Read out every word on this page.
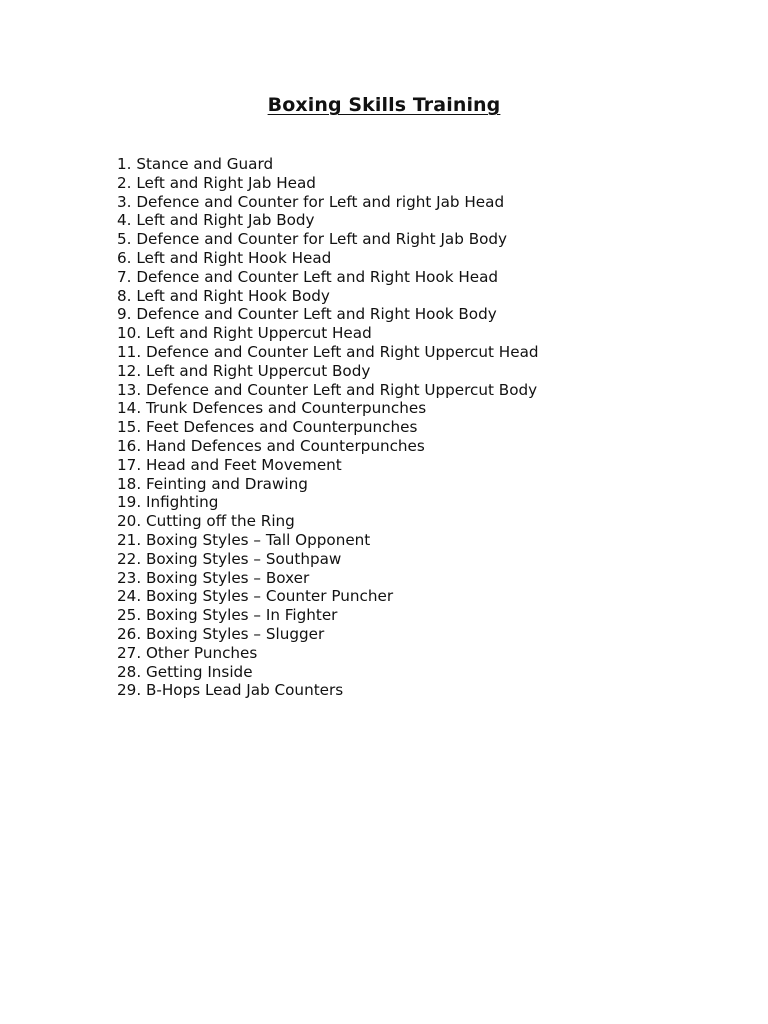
Boxing Skills Training
1. Stance and Guard
2. Left and Right Jab Head
3. Defence and Counter for Left and right Jab Head
4. Left and Right Jab Body
5. Defence and Counter for Left and Right Jab Body
6. Left and Right Hook Head
7. Defence and Counter Left and Right Hook Head
8. Left and Right Hook Body
9. Defence and Counter Left and Right Hook Body
10. Left and Right Uppercut Head
11. Defence and Counter Left and Right Uppercut Head
12. Left and Right Uppercut Body
13. Defence and Counter Left and Right Uppercut Body
14. Trunk Defences and Counterpunches
15. Feet Defences and Counterpunches
16. Hand Defences and Counterpunches
17. Head and Feet Movement
18. Feinting and Drawing
19. Infighting
20. Cutting off the Ring
21. Boxing Styles – Tall Opponent
22. Boxing Styles – Southpaw
23. Boxing Styles – Boxer
24. Boxing Styles – Counter Puncher
25. Boxing Styles – In Fighter
26. Boxing Styles – Slugger
27. Other Punches
28. Getting Inside
29. B-Hops Lead Jab Counters
